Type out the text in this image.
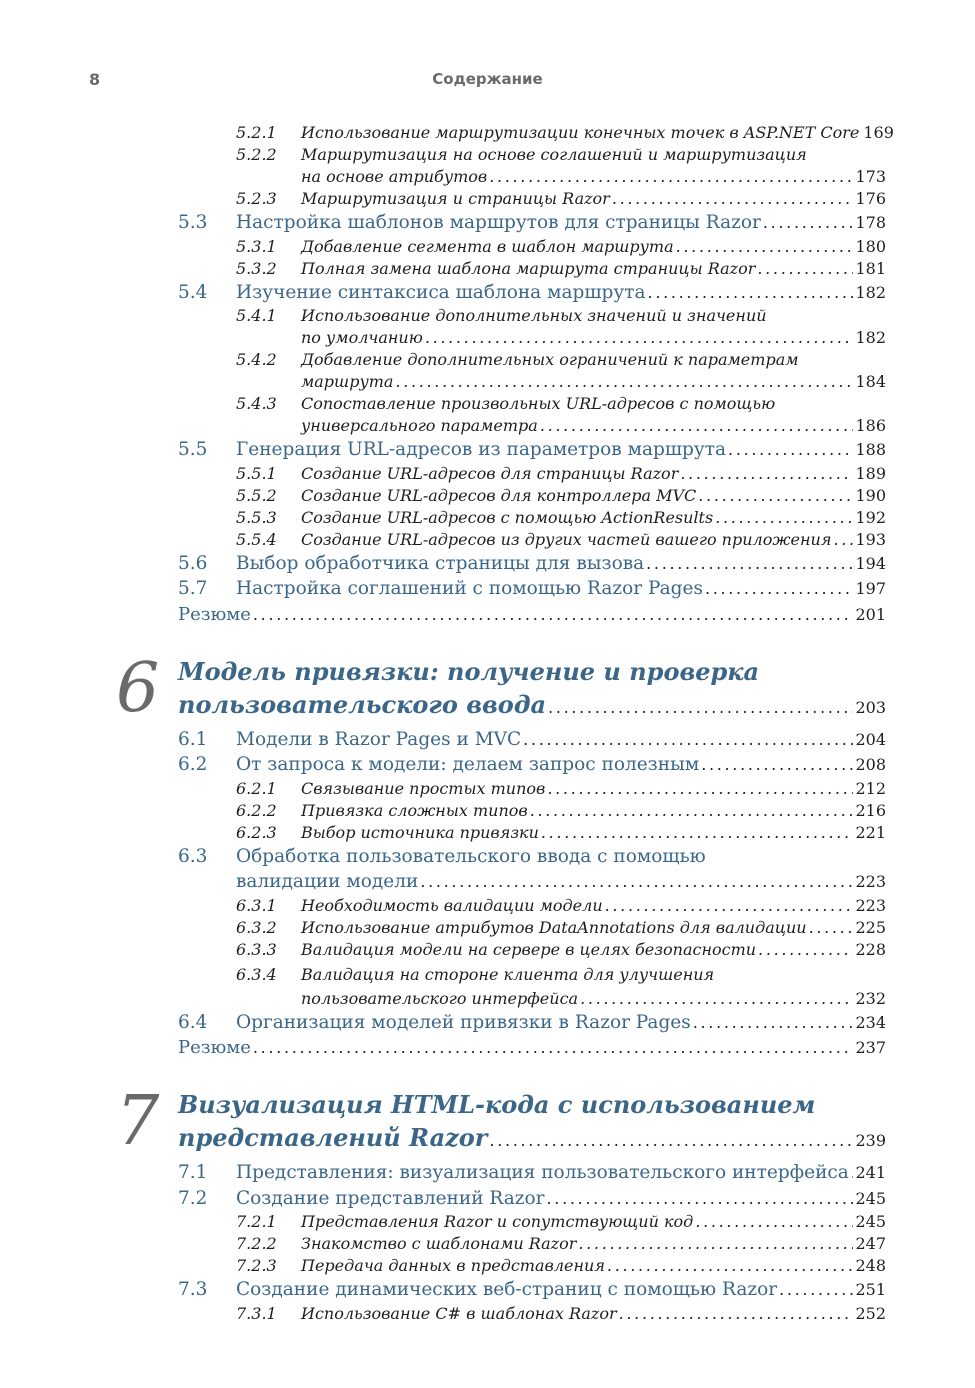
8	Содержание
5.2.1	Использование маршрутизации конечных точек в ASP.NET Core 169
5.2.2	Маршрутизация на основе соглашений и маршрутизация
на основе атрибутов . . .	173
5.2.3	Маршрутизация и страницы Razor . . .	176
5.3	Настройка шаблонов маршрутов для страницы Razor . . .	178
5.3.1	Добавление сегмента в шаблон маршрута . . .	180
5.3.2	Полная замена шаблона маршрута страницы Razor . . .	181
5.4	Изучение синтаксиса шаблона маршрута . . .	182
5.4.1	Использование дополнительных значений и значений
по умолчанию . . .	182
5.4.2	Добавление дополнительных ограничений к параметрам
маршрута . . .	184
5.4.3	Сопоставление произвольных URL-адресов с помощью
универсального параметра . . .	186
5.5	Генерация URL-адресов из параметров маршрута . . .	188
5.5.1	Создание URL-адресов для страницы Razor . . .	189
5.5.2	Создание URL-адресов для контроллера MVC . . .	190
5.5.3	Создание URL-адресов с помощью ActionResults . . .	192
5.5.4	Создание URL-адресов из других частей вашего приложения . . . 193
5.6	Выбор обработчика страницы для вызова . . .	194
5.7	Настройка соглашений с помощью Razor Pages . . .	197
Резюме . . .	201
6 Модель привязки: получение и проверка
пользовательского ввода . . .	203
6.1	Модели в Razor Pages и MVC . . .	204
6.2	От запроса к модели: делаем запрос полезным . . .	208
6.2.1	Связывание простых типов . . .	212
6.2.2	Привязка сложных типов . . .	216
6.2.3	Выбор источника привязки . . .	221
6.3	Обработка пользовательского ввода с помощью
валидации модели . . .	223
6.3.1	Необходимость валидации модели . . .	223
6.3.2	Использование атрибутов DataAnnotations для валидации . . .	225
6.3.3	Валидация модели на сервере в целях безопасности . . .	228
6.3.4	Валидация на стороне клиента для улучшения
пользовательского интерфейса . . .	232
6.4	Организация моделей привязки в Razor Pages . . .	234
Резюме . . .	237
7 Визуализация HTML-кода с использованием
представлений Razor . . .	239
7.1	Представления: визуализация пользовательского интерфейса . . . 241
7.2	Создание представлений Razor . . .	245
7.2.1	Представления Razor и сопутствующий код . . .	245
7.2.2	Знакомство с шаблонами Razor . . .	247
7.2.3	Передача данных в представления . . .	248
7.3	Создание динамических веб-страниц с помощью Razor . . .	251
7.3.1	Использование C# в шаблонах Razor . . .	252
